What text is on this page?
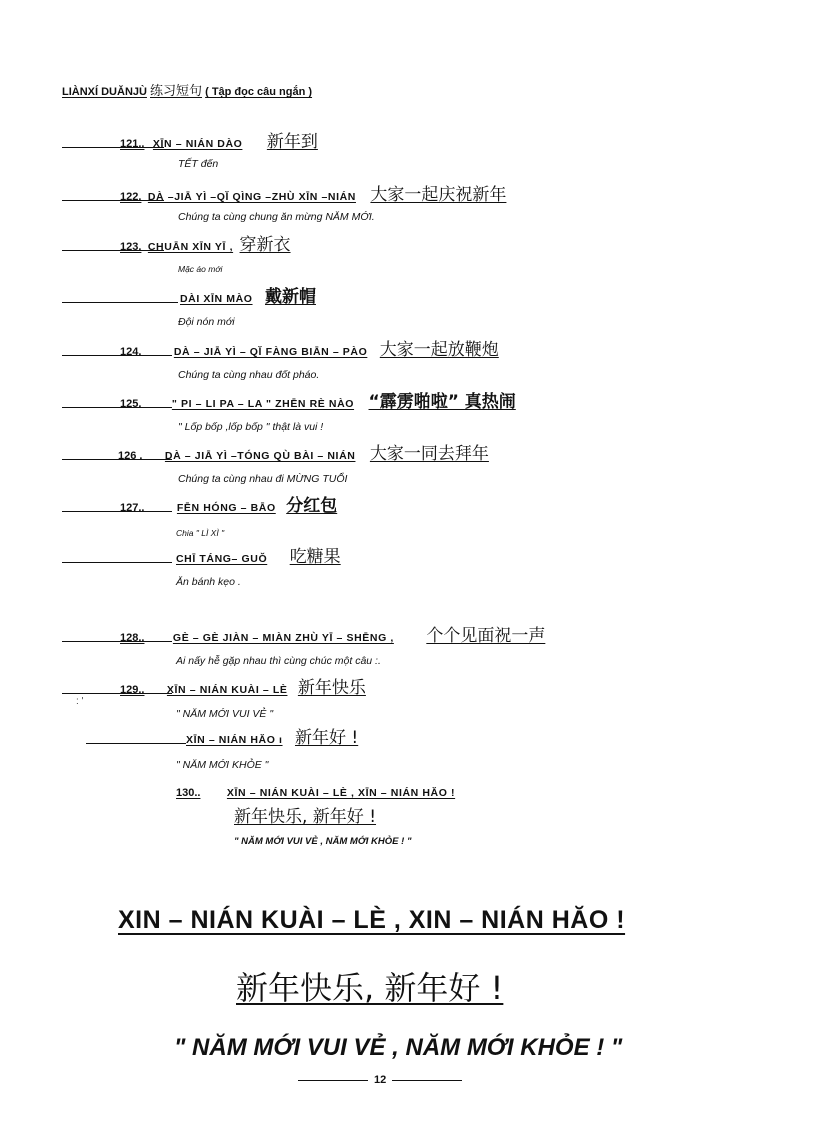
LIÀNXÍ DUĂNJÙ 练习短句 ( Tập đọc câu ngắn )
121.. XĪN – NIÁN DÀO 新年到
TẾT đến
122. DÀ –JIĀ YÌ –QĬ QÌNG –ZHÙ XĪN –NIÁN 大家一起庆祝新年
Chúng ta cùng chung ăn mừng NĂM MỚI.
123. CHUĀN XĪN YĪ , 穿新衣
Mặc áo mới
DÀI XĪN MÀO 戴新帽
Đội nón mới
124.	DÀ – JIĀ YÌ – QĬ FÀNG BIĀN – PÀO 大家一起放鞭炮
Chúng ta cùng nhau đốt pháo.
125.	" PI – LI PA – LA " ZHĒN RÈ NÀO “霹雳啪啦” 真热闹
" Lốp bốp ,lốp bốp " thật là vui !
126 . DÀ – JIĀ YÌ –TÓNG QÙ BÀI – NIÁN 大家一同去拜年
Chúng ta cùng nhau đi MỪNG TUỔI
127..	FĒN HÓNG – BĀO 分红包
Chia " LÌ XÌ "
CHĪ TÁNG– GUŎ 吃糖果
Ăn bánh kẹo .
128..	GÈ – GÈ JIÀN – MIÀN ZHÙ YĪ – SHĒNG , 个个见面祝一声
Ai nấy hễ gặp nhau thì cùng chúc một câu :.
: '
129.. XĪN – NIÁN KUÀI – LÈ 新年快乐
" NĂM MỚI VUI VẺ "
XĪN – NIÁN HĂO ı 新年好 !
" NĂM MỚI KHỎE "
130..	XĪN – NIÁN KUÀI – LÈ , XĪN – NIÁN HĂO !
新年快乐, 新年好 !
" NĂM MỚI VUI VẺ , NĂM MỚI KHỎE ! "
XIN – NIÁN KUÀI – LÈ , XIN – NIÁN HĂO !
新年快乐, 新年好 !
" NĂM MỚI VUI VẺ , NĂM MỚI KHỎE ! "
12
